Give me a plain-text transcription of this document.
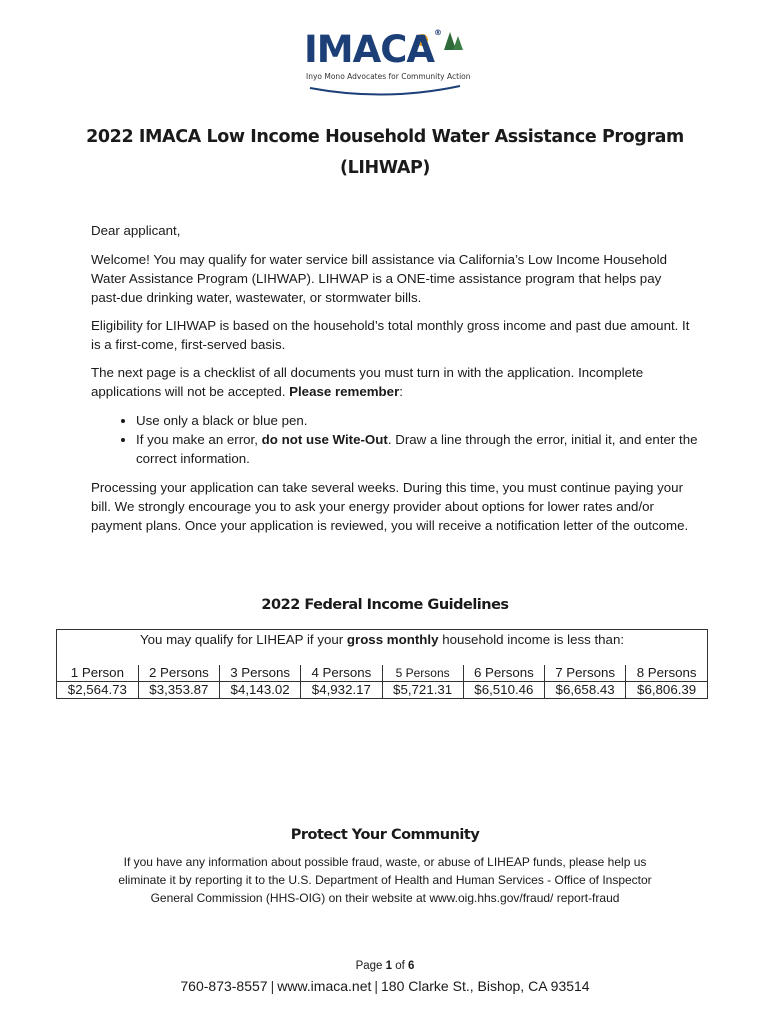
IMACA®
Inyo Mono Advocates for Community Action
2022 IMACA Low Income Household Water Assistance Program
(LIHWAP)

Dear applicant,

Welcome! You may qualify for water service bill assistance via California’s Low Income Household Water Assistance Program (LIHWAP). LIHWAP is a ONE-time assistance program that helps pay past-due drinking water, wastewater, or stormwater bills.

Eligibility for LIHWAP is based on the household’s total monthly gross income and past due amount. It is a first-come, first-served basis.

The next page is a checklist of all documents you must turn in with the application. Incomplete applications will not be accepted. Please remember:

• Use only a black or blue pen.
• If you make an error, do not use Wite-Out. Draw a line through the error, initial it, and enter the correct information.

Processing your application can take several weeks. During this time, you must continue paying your bill. We strongly encourage you to ask your energy provider about options for lower rates and/or payment plans. Once your application is reviewed, you will receive a notification letter of the outcome.

2022 Federal Income Guidelines
You may qualify for LIHEAP if your gross monthly household income is less than:
1 Person	2 Persons	3 Persons	4 Persons	5 Persons	6 Persons	7 Persons	8 Persons
$2,564.73	$3,353.87	$4,143.02	$4,932.17	$5,721.31	$6,510.46	$6,658.43	$6,806.39
Protect Your Community
If you have any information about possible fraud, waste, or abuse of LIHEAP funds, please help us eliminate it by reporting it to the U.S. Department of Health and Human Services - Office of Inspector General Commission (HHS-OIG) on their website at www.oig.hhs.gov/fraud/ report-fraud
Page 1 of 6
760-873-8557 | www.imaca.net | 180 Clarke St., Bishop, CA 93514
